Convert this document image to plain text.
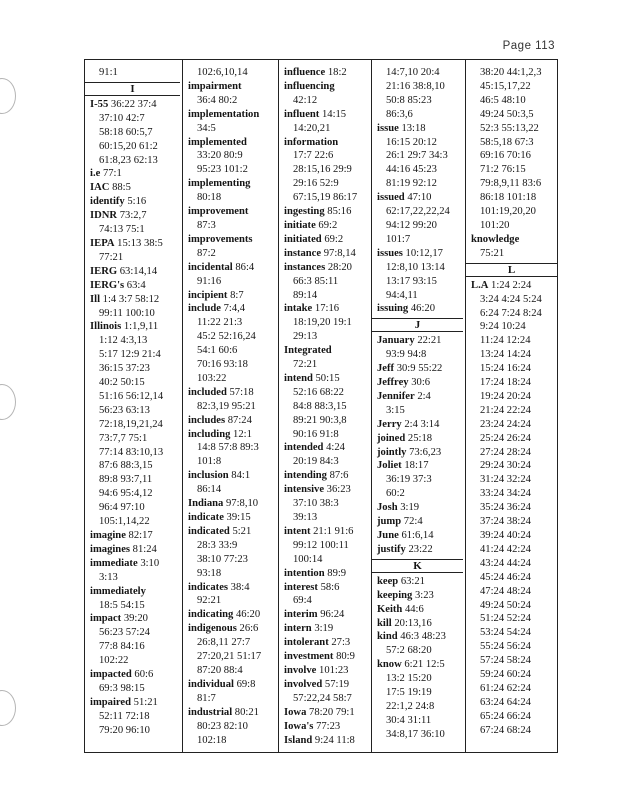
Page 113
91:1
I
I-55 36:22 37:4
37:10 42:7
58:18 60:5,7
60:15,20 61:2
61:8,23 62:13
i.e 77:1
IAC 88:5
identify 5:16
IDNR 73:2,7
74:13 75:1
IEPA 15:13 38:5
77:21
IERG 63:14,14
IERG's 63:4
Ill 1:4 3:7 58:12
99:11 100:10
Illinois 1:1,9,11
1:12 4:3,13
5:17 12:9 21:4
36:15 37:23
40:2 50:15
51:16 56:12,14
56:23 63:13
72:18,19,21,24
73:7,7 75:1
77:14 83:10,13
87:6 88:3,15
89:8 93:7,11
94:6 95:4,12
96:4 97:10
105:1,14,22
imagine 82:17
imagines 81:24
immediate 3:10
3:13
immediately
18:5 54:15
impact 39:20
56:23 57:24
77:8 84:16
102:22
impacted 60:6
69:3 98:15
impaired 51:21
52:11 72:18
79:20 96:10
102:6,10,14
impairment
36:4 80:2
implementation
34:5
implemented
33:20 80:9
95:23 101:2
implementing
80:18
improvement
87:3
improvements
87:2
incidental 86:4
91:16
incipient 8:7
include 7:4,4
11:22 21:3
45:2 52:16,24
54:1 60:6
70:16 93:18
103:22
included 57:18
82:3,19 95:21
includes 87:24
including 12:1
14:8 57:8 89:3
101:8
inclusion 84:1
86:14
Indiana 97:8,10
indicate 39:15
indicated 5:21
28:3 33:9
38:10 77:23
93:18
indicates 38:4
92:21
indicating 46:20
indigenous 26:6
26:8,11 27:7
27:20,21 51:17
87:20 88:4
individual 69:8
81:7
industrial 80:21
80:23 82:10
102:18
influence 18:2
influencing
42:12
influent 14:15
14:20,21
information
17:7 22:6
28:15,16 29:9
29:16 52:9
67:15,19 86:17
ingesting 85:16
initiate 69:2
initiated 69:2
instance 97:8,14
instances 28:20
66:3 85:11
89:14
intake 17:16
18:19,20 19:1
29:13
Integrated
72:21
intend 50:15
52:16 68:22
84:8 88:3,15
89:21 90:3,8
90:16 91:8
intended 4:24
20:19 84:3
intending 87:6
intensive 36:23
37:10 38:3
39:13
intent 21:1 91:6
99:12 100:11
100:14
intention 89:9
interest 58:6
69:4
interim 96:24
intern 3:19
intolerant 27:3
investment 80:9
involve 101:23
involved 57:19
57:22,24 58:7
Iowa 78:20 79:1
Iowa's 77:23
Island 9:24 11:8
14:7,10 20:4
21:16 38:8,10
50:8 85:23
86:3,6
issue 13:18
16:15 20:12
26:1 29:7 34:3
44:16 45:23
81:19 92:12
issued 47:10
62:17,22,22,24
94:12 99:20
101:7
issues 10:12,17
12:8,10 13:14
13:17 93:15
94:4,11
issuing 46:20
J
January 22:21
93:9 94:8
Jeff 30:9 55:22
Jeffrey 30:6
Jennifer 2:4
3:15
Jerry 2:4 3:14
joined 25:18
jointly 73:6,23
Joliet 18:17
36:19 37:3
60:2
Josh 3:19
jump 72:4
June 61:6,14
justify 23:22
K
keep 63:21
keeping 3:23
Keith 44:6
kill 20:13,16
kind 46:3 48:23
57:2 68:20
know 6:21 12:5
13:2 15:20
17:5 19:19
22:1,2 24:8
30:4 31:11
34:8,17 36:10
38:20 44:1,2,3
45:15,17,22
46:5 48:10
49:24 50:3,5
52:3 55:13,22
58:5,18 67:3
69:16 70:16
71:2 76:15
79:8,9,11 83:6
86:18 101:18
101:19,20,20
101:20
knowledge
75:21
L
L.A 1:24 2:24
3:24 4:24 5:24
6:24 7:24 8:24
9:24 10:24
11:24 12:24
13:24 14:24
15:24 16:24
17:24 18:24
19:24 20:24
21:24 22:24
23:24 24:24
25:24 26:24
27:24 28:24
29:24 30:24
31:24 32:24
33:24 34:24
35:24 36:24
37:24 38:24
39:24 40:24
41:24 42:24
43:24 44:24
45:24 46:24
47:24 48:24
49:24 50:24
51:24 52:24
53:24 54:24
55:24 56:24
57:24 58:24
59:24 60:24
61:24 62:24
63:24 64:24
65:24 66:24
67:24 68:24
